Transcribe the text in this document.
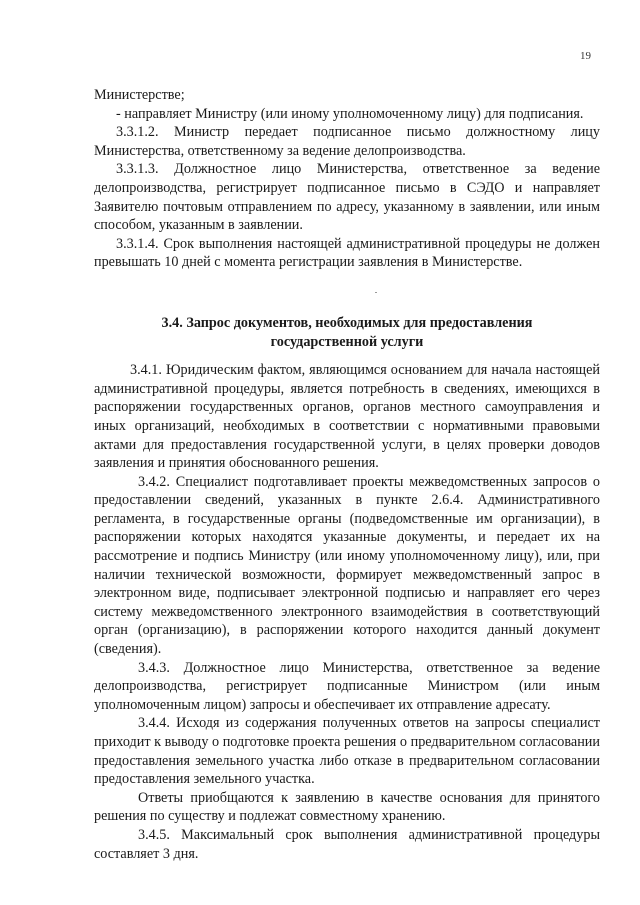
19

Министерстве;

- направляет Министру (или иному уполномоченному лицу) для подписания.

3.3.1.2. Министр передает подписанное письмо должностному лицу Министерства, ответственному за ведение делопроизводства.

3.3.1.3. Должностное лицо Министерства, ответственное за ведение делопроизводства, регистрирует подписанное письмо в СЭДО и направляет Заявителю почтовым отправлением по адресу, указанному в заявлении, или иным способом, указанным в заявлении.

3.3.1.4. Срок выполнения настоящей административной процедуры не должен превышать 10 дней с момента регистрации заявления в Министерстве.

3.4. Запрос документов, необходимых для предоставления
государственной услуги

3.4.1. Юридическим фактом, являющимся основанием для начала настоящей административной процедуры, является потребность в сведениях, имеющихся в распоряжении государственных органов, органов местного самоуправления и иных организаций, необходимых в соответствии с нормативными правовыми актами для предоставления государственной услуги, в целях проверки доводов заявления и принятия обоснованного решения.

3.4.2. Специалист подготавливает проекты межведомственных запросов о предоставлении сведений, указанных в пункте 2.6.4. Административного регламента, в государственные органы (подведомственные им организации), в распоряжении которых находятся указанные документы, и передает их на рассмотрение и подпись Министру (или иному уполномоченному лицу), или, при наличии технической возможности, формирует межведомственный запрос в электронном виде, подписывает электронной подписью и направляет его через систему межведомственного электронного взаимодействия в соответствующий орган (организацию), в распоряжении которого находится данный документ (сведения).

3.4.3. Должностное лицо Министерства, ответственное за ведение делопроизводства, регистрирует подписанные Министром (или иным уполномоченным лицом) запросы и обеспечивает их отправление адресату.

3.4.4. Исходя из содержания полученных ответов на запросы специалист приходит к выводу о подготовке проекта решения о предварительном согласовании предоставления земельного участка либо отказе в предварительном согласовании предоставления земельного участка.

Ответы приобщаются к заявлению в качестве основания для принятого решения по существу и подлежат совместному хранению.

3.4.5. Максимальный срок выполнения административной процедуры составляет 3 дня.
